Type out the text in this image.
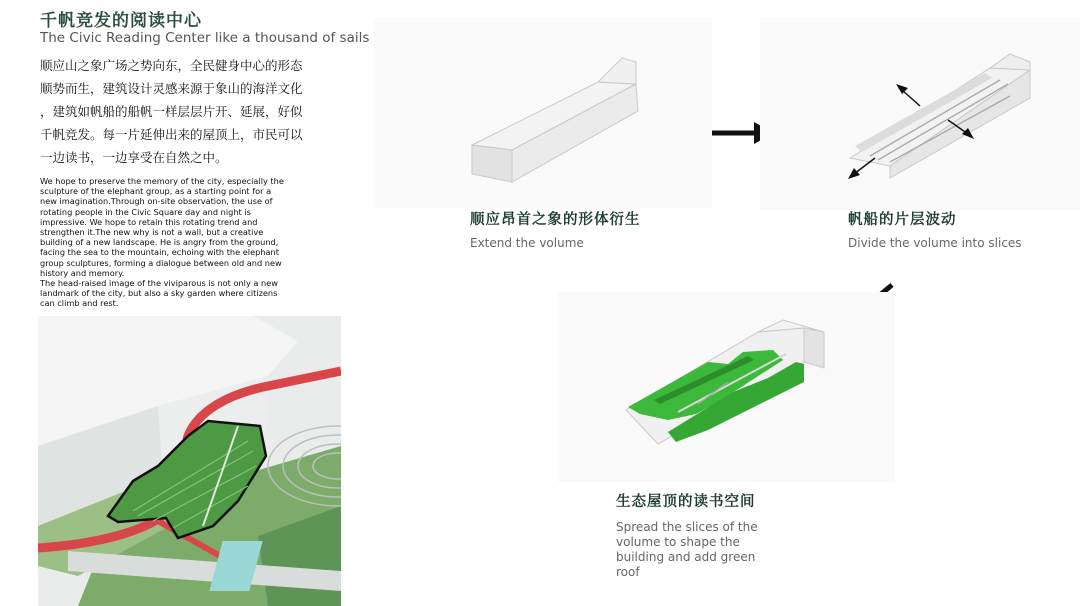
千帆竞发的阅读中心
The Civic Reading Center like a thousand of sails
顺应山之象广场之势向东，全民健身中心的形态
顺势而生，建筑设计灵感来源于象山的海洋文化
，建筑如帆船的船帆一样层层片开、延展，好似
千帆竞发。每一片延伸出来的屋顶上，市民可以
一边读书，一边享受在自然之中。
We hope to preserve the memory of the city, especially the
sculpture of the elephant group, as a starting point for a
new imagination.Through on-site observation, the use of
rotating people in the Civic Square day and night is
impressive. We hope to retain this rotating trend and
strengthen it.The new why is not a wall, but a creative
building of a new landscape. He is angry from the ground,
facing the sea to the mountain, echoing with the elephant
group sculptures, forming a dialogue between old and new
history and memory.
The head-raised image of the viviparous is not only a new
landmark of the city, but also a sky garden where citizens
can climb and rest.
顺应昂首之象的形体衍生
Extend the volume
帆船的片层波动
Divide the volume into slices
生态屋顶的读书空间
Spread the slices of the
volume to shape the
building and add green
roof
